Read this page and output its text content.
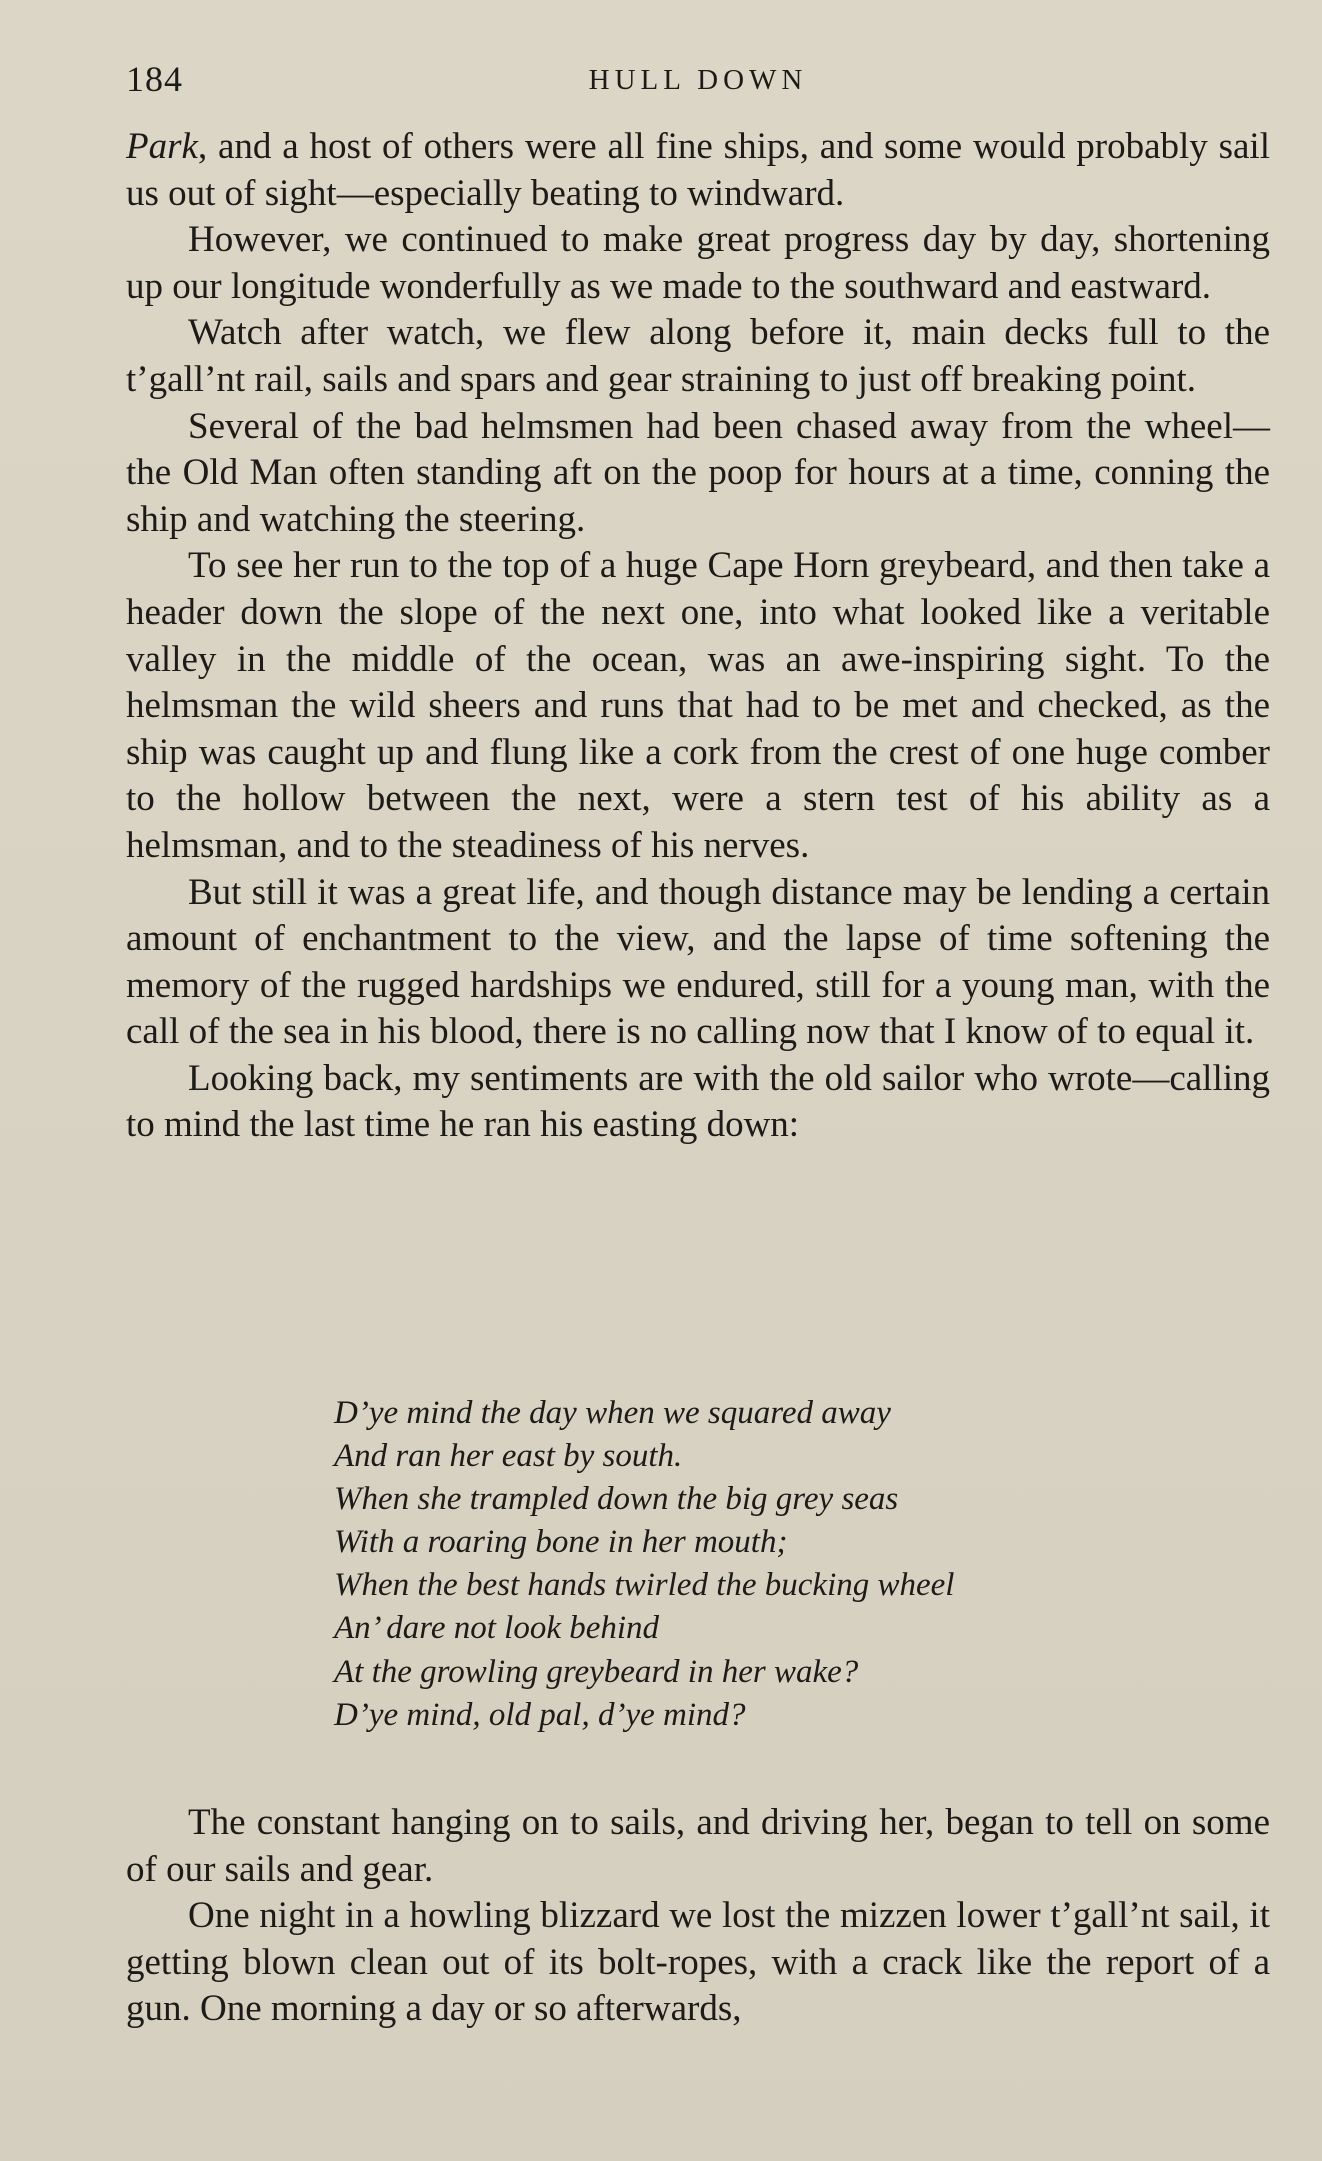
184	HULL DOWN

Park, and a host of others were all fine ships, and some would probably sail us out of sight—especially beating to windward.

However, we continued to make great progress day by day, shortening up our longitude wonderfully as we made to the southward and eastward.

Watch after watch, we flew along before it, main decks full to the t’gall’nt rail, sails and spars and gear straining to just off breaking point.

Several of the bad helmsmen had been chased away from the wheel—the Old Man often standing aft on the poop for hours at a time, conning the ship and watching the steering.

To see her run to the top of a huge Cape Horn greybeard, and then take a header down the slope of the next one, into what looked like a veritable valley in the middle of the ocean, was an awe-inspiring sight. To the helmsman the wild sheers and runs that had to be met and checked, as the ship was caught up and flung like a cork from the crest of one huge comber to the hollow between the next, were a stern test of his ability as a helmsman, and to the steadiness of his nerves.

But still it was a great life, and though distance may be lending a certain amount of enchantment to the view, and the lapse of time softening the memory of the rugged hardships we endured, still for a young man, with the call of the sea in his blood, there is no calling now that I know of to equal it.

Looking back, my sentiments are with the old sailor who wrote—calling to mind the last time he ran his easting down:

D’ye mind the day when we squared away
And ran her east by south.
When she trampled down the big grey seas
With a roaring bone in her mouth;
When the best hands twirled the bucking wheel
An’ dare not look behind
At the growling greybeard in her wake?
D’ye mind, old pal, d’ye mind?

The constant hanging on to sails, and driving her, began to tell on some of our sails and gear.

One night in a howling blizzard we lost the mizzen lower t’gall’nt sail, it getting blown clean out of its bolt-ropes, with a crack like the report of a gun. One morning a day or so afterwards,
